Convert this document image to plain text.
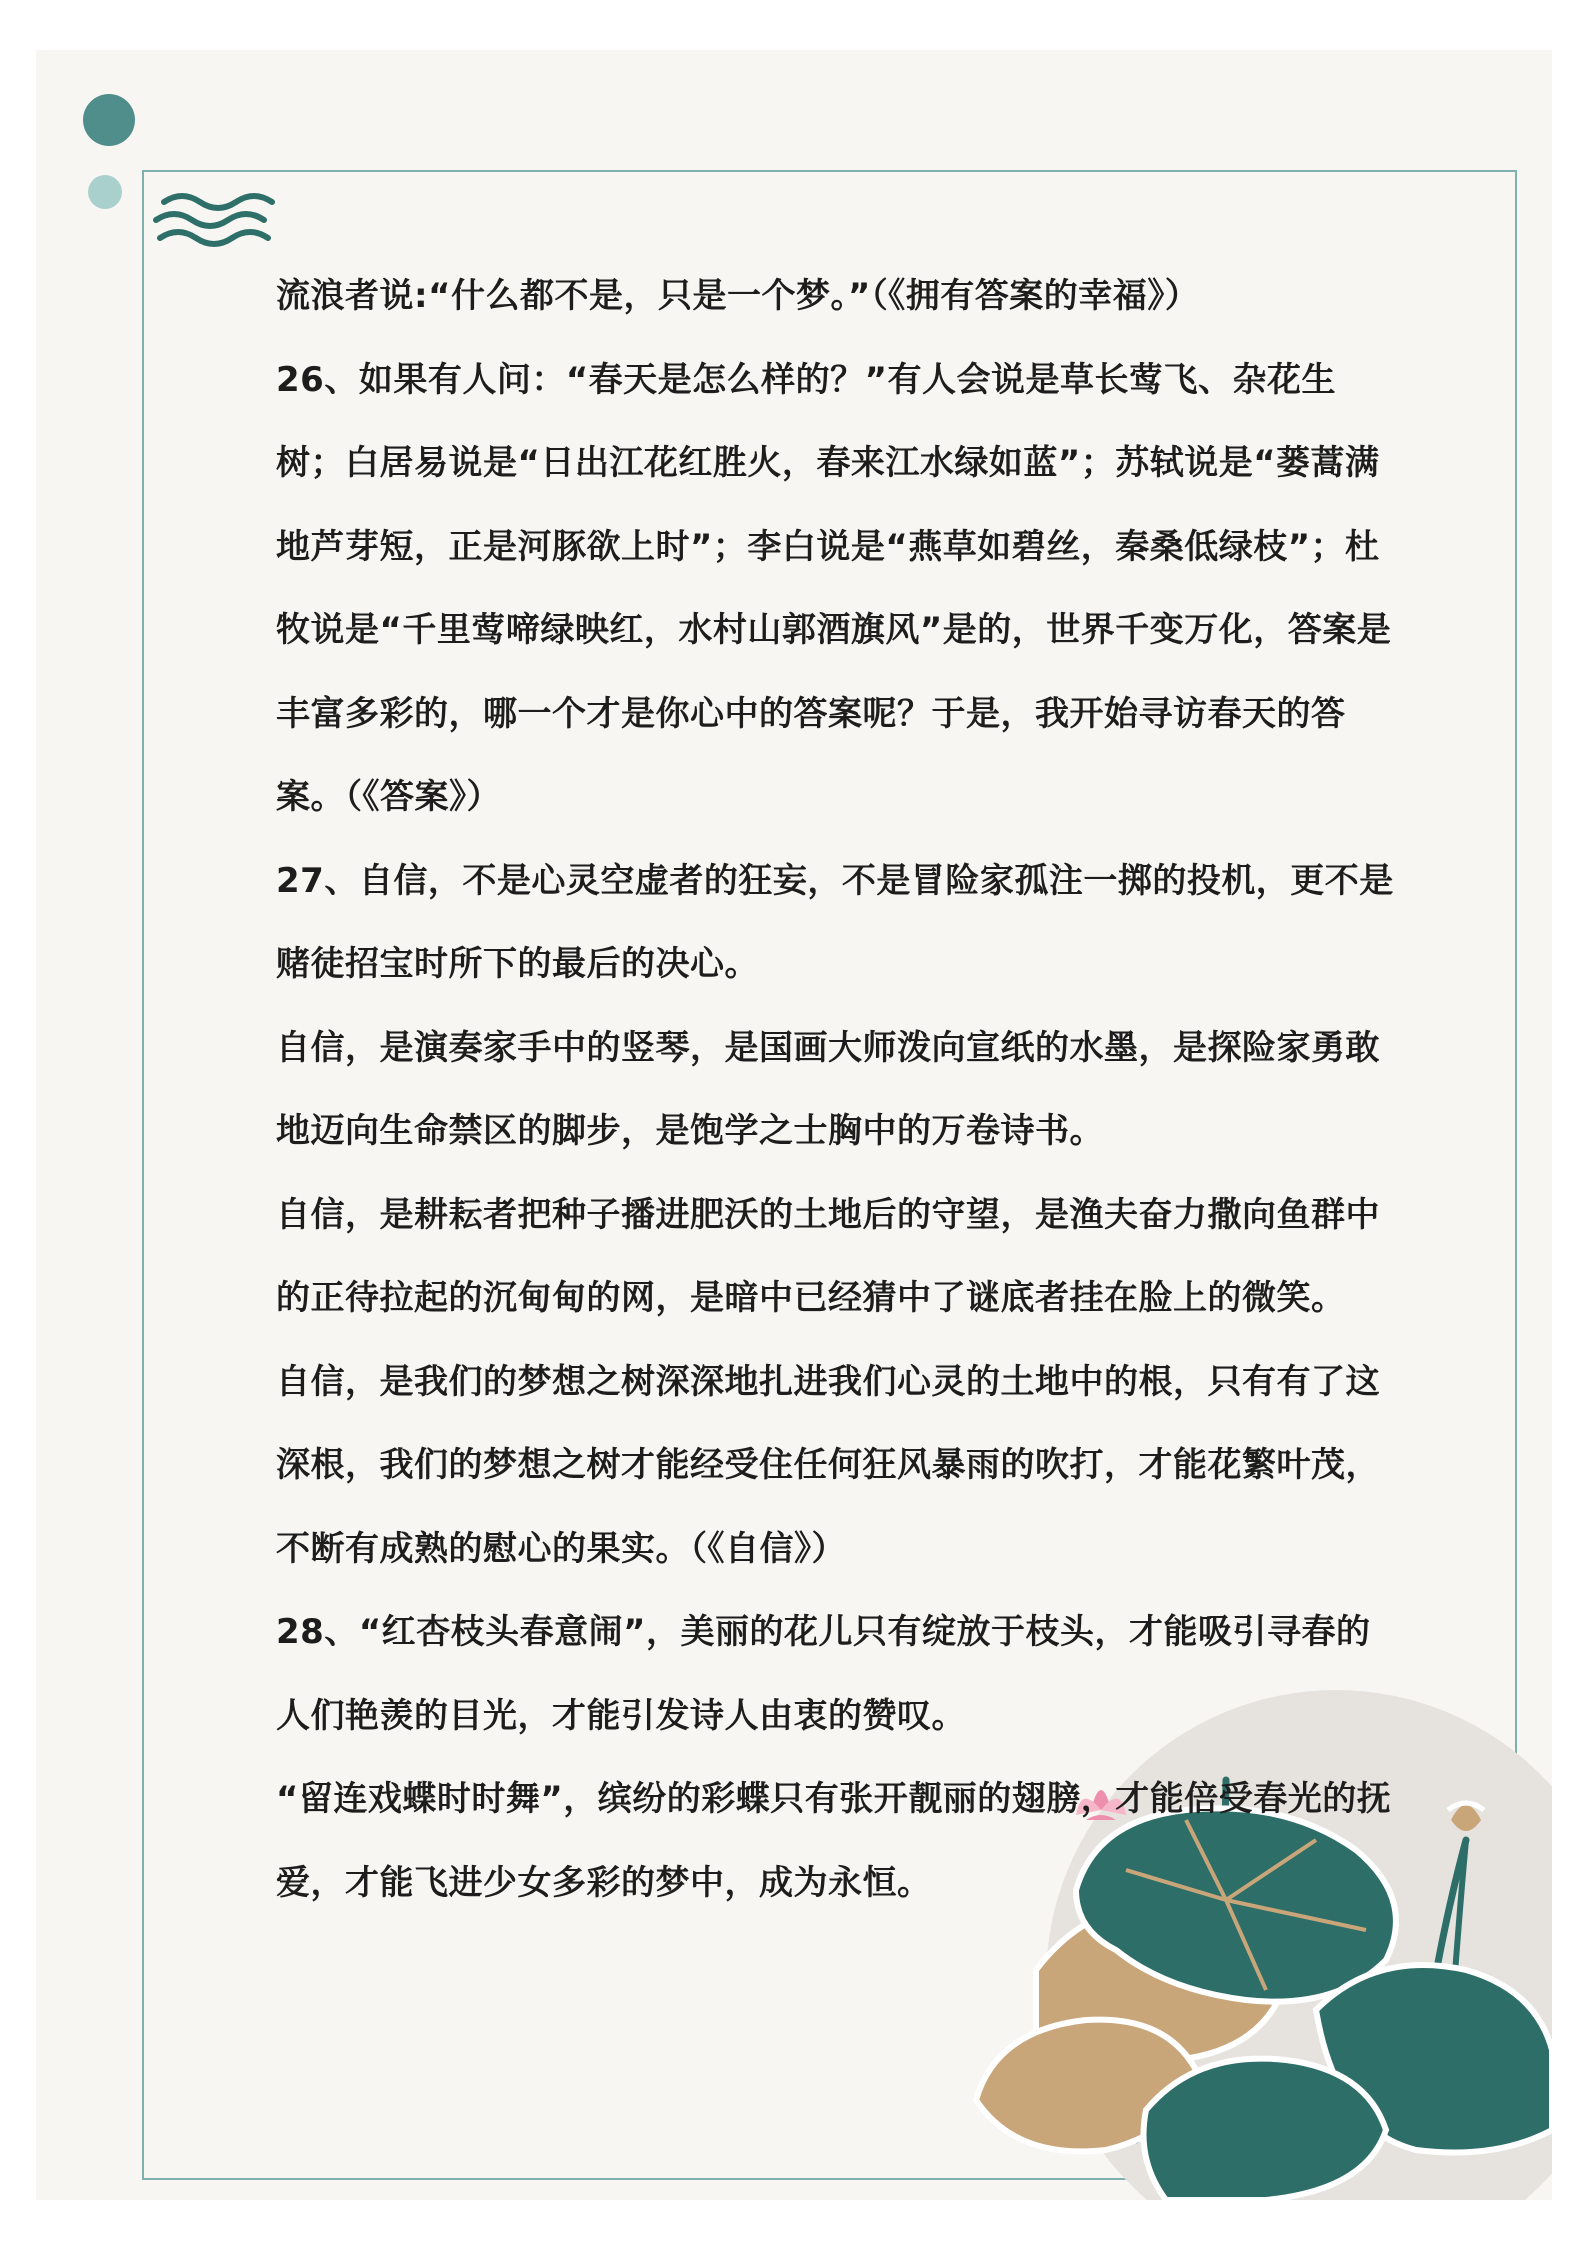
流浪者说:“什么都不是，只是一个梦。”（《拥有答案的幸福》）

26、如果有人问：“春天是怎么样的？”有人会说是草长莺飞、杂花生树；白居易说是“日出江花红胜火，春来江水绿如蓝”；苏轼说是“蒌蒿满地芦芽短，正是河豚欲上时”；李白说是“燕草如碧丝，秦桑低绿枝”；杜牧说是“千里莺啼绿映红，水村山郭酒旗风”是的，世界千变万化，答案是丰富多彩的，哪一个才是你心中的答案呢？于是，我开始寻访春天的答案。（《答案》）

27、自信，不是心灵空虚者的狂妄，不是冒险家孤注一掷的投机，更不是赌徒招宝时所下的最后的决心。

自信，是演奏家手中的竖琴，是国画大师泼向宣纸的水墨，是探险家勇敢地迈向生命禁区的脚步，是饱学之士胸中的万卷诗书。

自信，是耕耘者把种子播进肥沃的土地后的守望，是渔夫奋力撒向鱼群中的正待拉起的沉甸甸的网，是暗中已经猜中了谜底者挂在脸上的微笑。

自信，是我们的梦想之树深深地扎进我们心灵的土地中的根，只有有了这深根，我们的梦想之树才能经受住任何狂风暴雨的吹打，才能花繁叶茂，不断有成熟的慰心的果实。（《自信》）

28、“红杏枝头春意闹”，美丽的花儿只有绽放于枝头，才能吸引寻春的人们艳羡的目光，才能引发诗人由衷的赞叹。

“留连戏蝶时时舞”，缤纷的彩蝶只有张开靓丽的翅膀，才能倍受春光的抚爱，才能飞进少女多彩的梦中，成为永恒。
